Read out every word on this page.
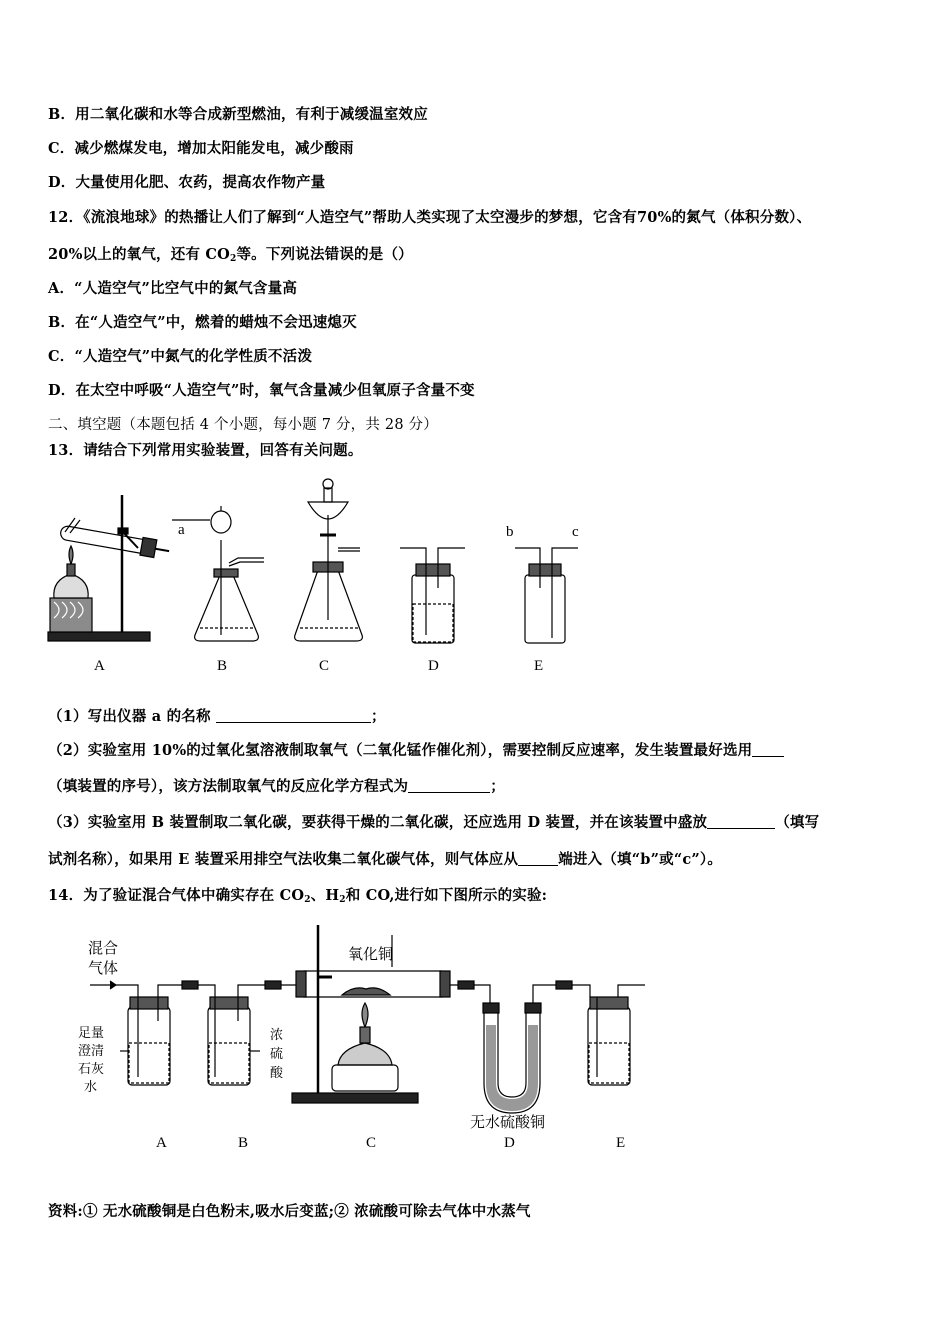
B．用二氧化碳和水等合成新型燃油，有利于减缓温室效应
C．减少燃煤发电，增加太阳能发电，减少酸雨
D．大量使用化肥、农药，提高农作物产量
12．《流浪地球》的热播让人们了解到“人造空气”帮助人类实现了太空漫步的梦想，它含有70%的氮气（体积分数）、
20%以上的氧气，还有 $CO_2$等。下列说法错误的是（）
A．“人造空气”比空气中的氮气含量高
B．在“人造空气”中，燃着的蜡烛不会迅速熄灭
C．“人造空气”中氮气的化学性质不活泼
D．在太空中呼吸“人造空气”时，氧气含量减少但氧原子含量不变
二、填空题（本题包括 4 个小题，每小题 7 分，共 28 分）
13．请结合下列常用实验装置，回答有关问题。
A	B	C	D	E
a	b	c
（1）写出仪器 a 的名称	；
（2）实验室用 10%的过氧化氢溶液制取氧气（二氧化锰作催化剂），需要控制反应速率，发生装置最好选用
（填装置的序号），该方法制取氧气的反应化学方程式为	；
（3）实验室用 B 装置制取二氧化碳，要获得干燥的二氧化碳，还应选用 D 装置，并在该装置中盛放	（填写
试剂名称），如果用 E 装置采用排空气法收集二氧化碳气体，则气体应从	端进入（填“b”或“c”）。
14．为了验证混合气体中确实存在 $CO_2$、$H_2$和 CO,进行如下图所示的实验:
混合
气体
足量
澄清
石灰
水
浓
硫
酸
氧化铜
无水硫酸铜
A	B	C	D	E
资料:① 无水硫酸铜是白色粉末,吸水后变蓝;② 浓硫酸可除去气体中水蒸气
